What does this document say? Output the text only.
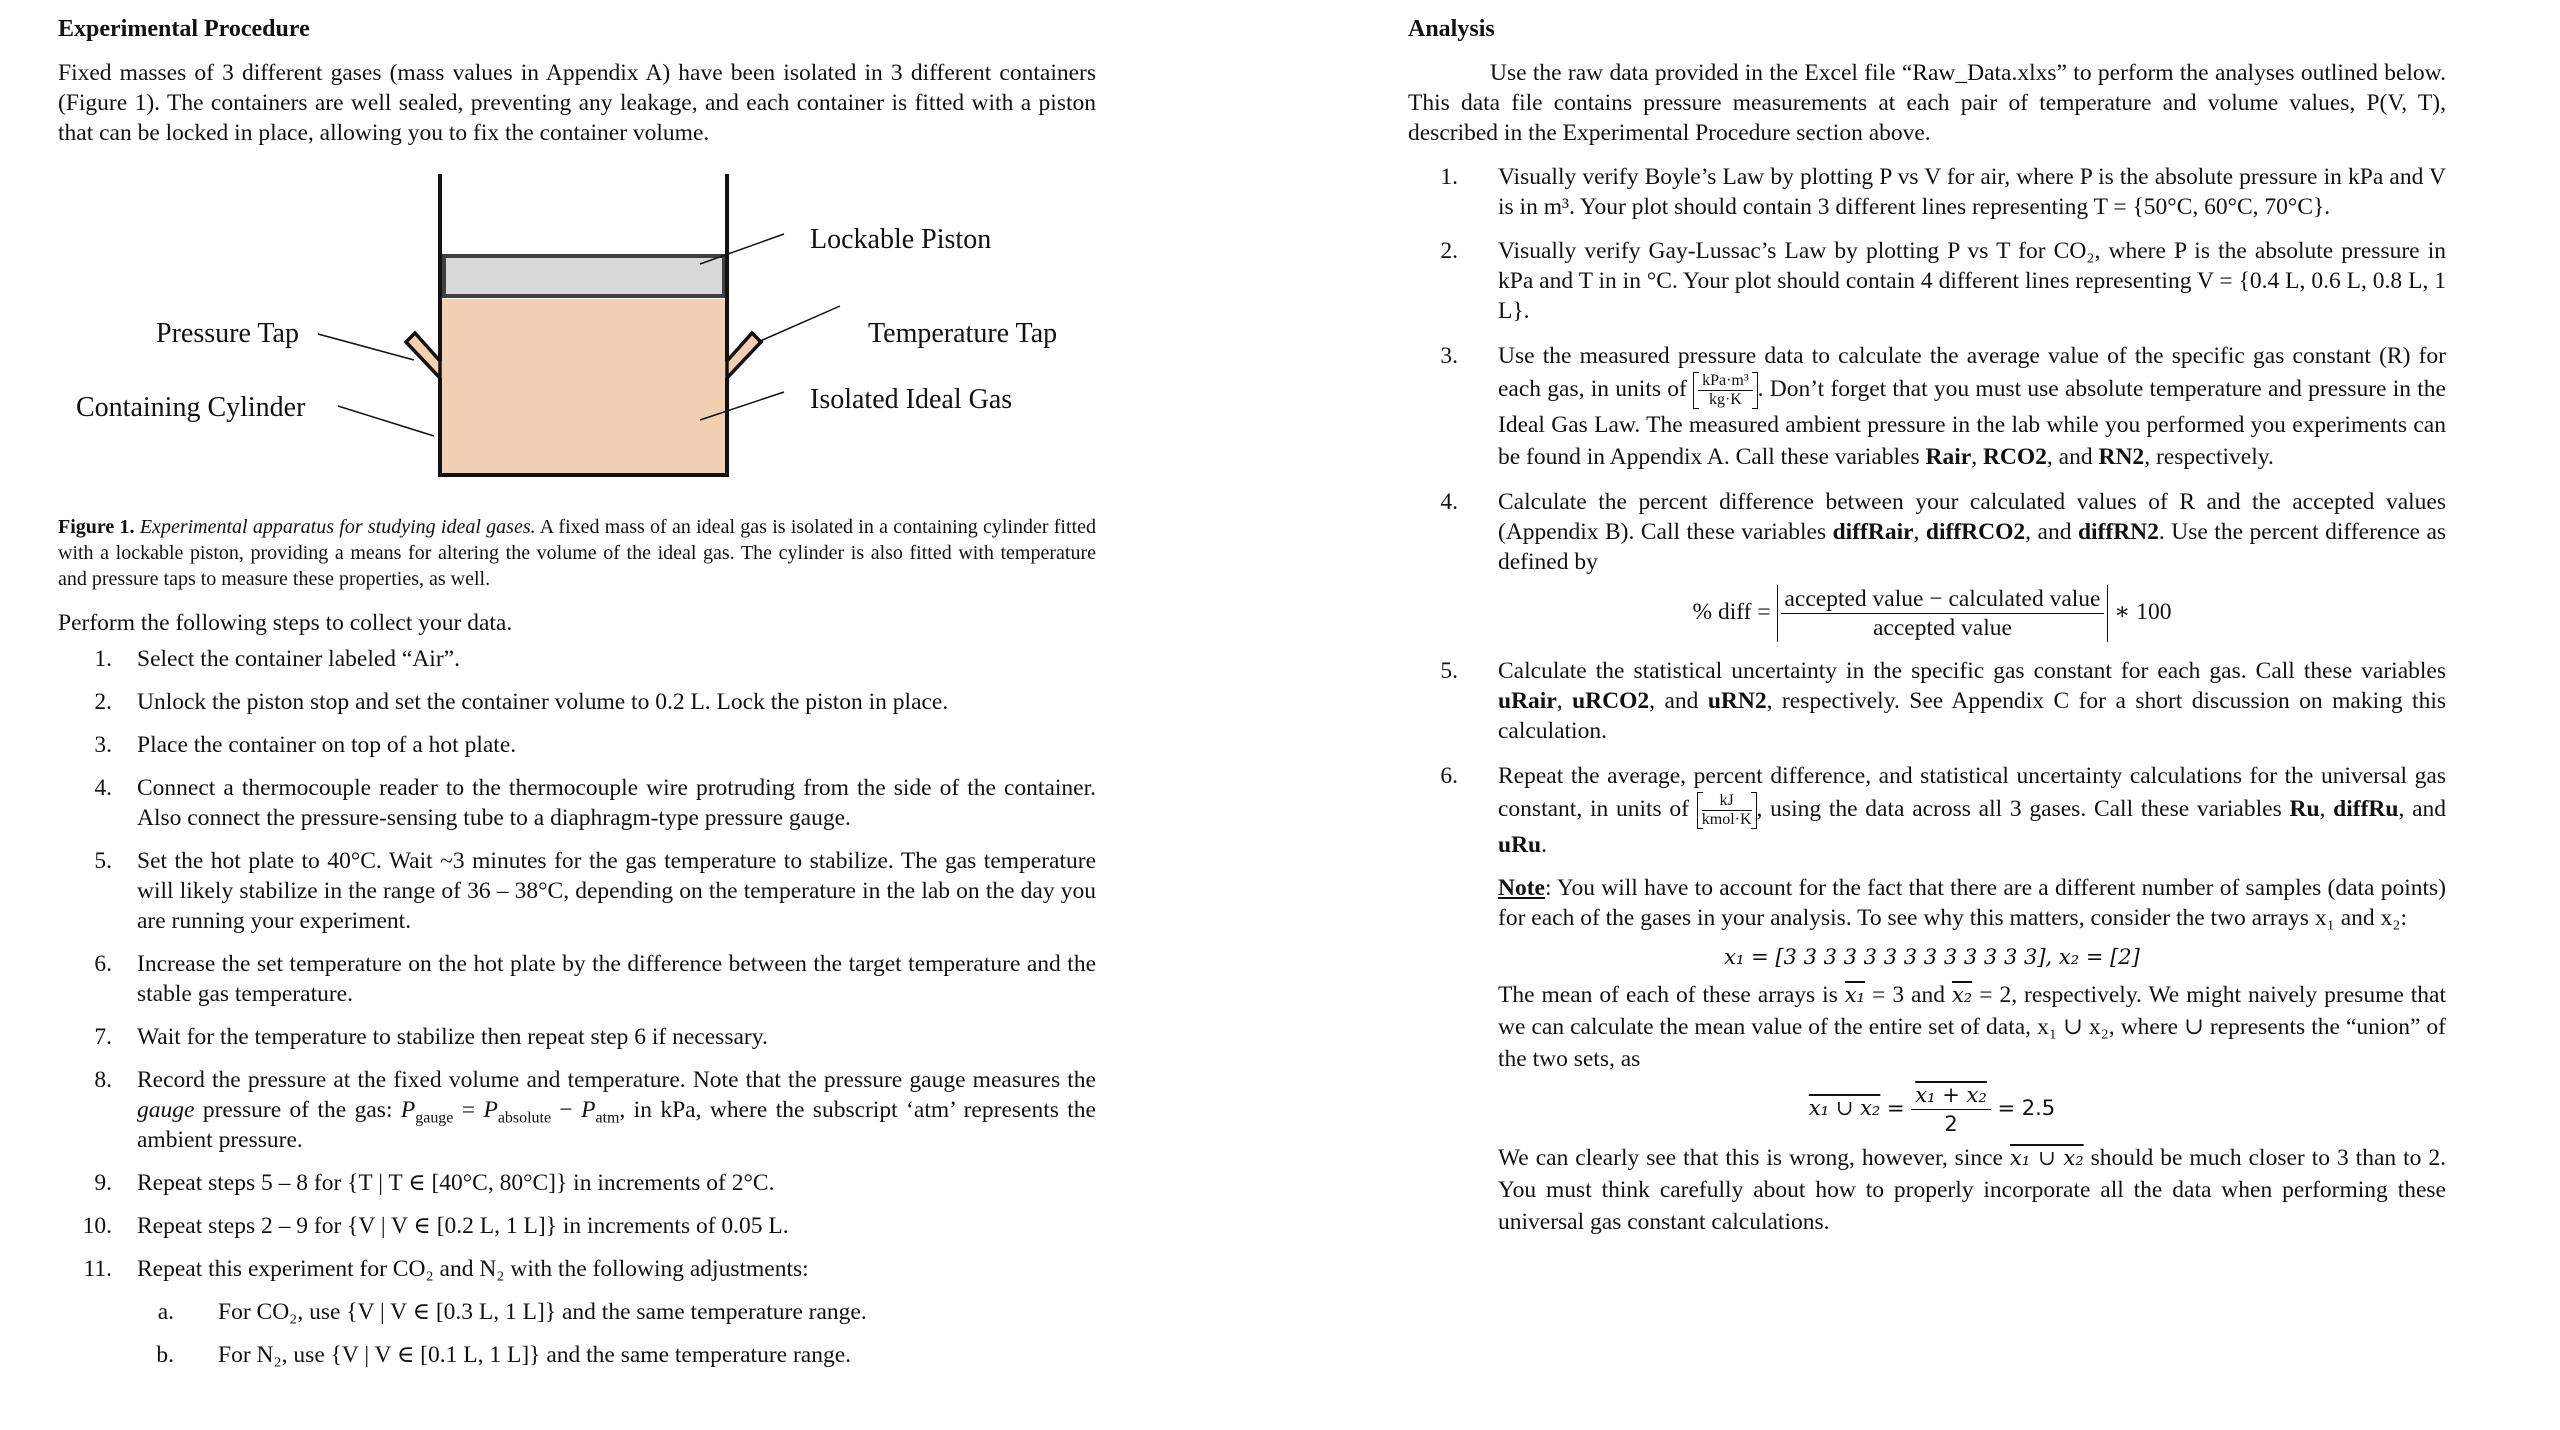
Experimental Procedure

Fixed masses of 3 different gases (mass values in Appendix A) have been isolated in 3 different containers (Figure 1). The containers are well sealed, preventing any leakage, and each container is fitted with a piston that can be locked in place, allowing you to fix the container volume.

Lockable Piston
Pressure Tap	Temperature Tap
Containing Cylinder	Isolated Ideal Gas

Figure 1. Experimental apparatus for studying ideal gases. A fixed mass of an ideal gas is isolated in a containing cylinder fitted with a lockable piston, providing a means for altering the volume of the ideal gas. The cylinder is also fitted with temperature and pressure taps to measure these properties, as well.

Perform the following steps to collect your data.

1. Select the container labeled “Air”.
2. Unlock the piston stop and set the container volume to 0.2 L. Lock the piston in place.
3. Place the container on top of a hot plate.
4. Connect a thermocouple reader to the thermocouple wire protruding from the side of the container. Also connect the pressure-sensing tube to a diaphragm-type pressure gauge.
5. Set the hot plate to 40°C. Wait ~3 minutes for the gas temperature to stabilize. The gas temperature will likely stabilize in the range of 36 – 38°C, depending on the temperature in the lab on the day you are running your experiment.
6. Increase the set temperature on the hot plate by the difference between the target temperature and the stable gas temperature.
7. Wait for the temperature to stabilize then repeat step 6 if necessary.
8. Record the pressure at the fixed volume and temperature. Note that the pressure gauge measures the gauge pressure of the gas: $P_{gauge} = P_{absolute} - P_{atm}$, in kPa, where the subscript ‘atm’ represents the ambient pressure.
9. Repeat steps 5 – 8 for {T | T ∈ [40°C, 80°C]} in increments of 2°C.
10. Repeat steps 2 – 9 for {V | V ∈ [0.2 L, 1 L]} in increments of 0.05 L.
11. Repeat this experiment for CO₂ and N₂ with the following adjustments:
a. For CO₂, use {V | V ∈ [0.3 L, 1 L]} and the same temperature range.
b. For N₂, use {V | V ∈ [0.1 L, 1 L]} and the same temperature range.
Analysis

Use the raw data provided in the Excel file “Raw_Data.xlxs” to perform the analyses outlined below. This data file contains pressure measurements at each pair of temperature and volume values, P(V, T), described in the Experimental Procedure section above.

1. Visually verify Boyle’s Law by plotting P vs V for air, where P is the absolute pressure in kPa and V is in m³. Your plot should contain 3 different lines representing T = {50°C, 60°C, 70°C}.
2. Visually verify Gay-Lussac’s Law by plotting P vs T for CO₂, where P is the absolute pressure in kPa and T in in °C. Your plot should contain 4 different lines representing V = {0.4 L, 0.6 L, 0.8 L, 1 L}.
3. Use the measured pressure data to calculate the average value of the specific gas constant (R) for each gas, in units of $\frac{\text{kPa·m³}}{kg\cdot K}$ . Don’t forget that you must use absolute temperature and pressure in the Ideal Gas Law. The measured ambient pressure in the lab while you performed you experiments can be found in Appendix A. Call these variables Rair, RCO2, and RN2, respectively.
4. Calculate the percent difference between your calculated values of R and the accepted values (Appendix B). Call these variables diffRair, diffRCO2, and diffRN2. Use the percent difference as defined by
% diff = $\frac{\text{accepted value − calculated value}}{\text{accepted value}}$ ∗ 100
5. Calculate the statistical uncertainty in the specific gas constant for each gas. Call these variables uRair, uRCO2, and uRN2, respectively. See Appendix C for a short discussion on making this calculation.
6. Repeat the average, percent difference, and statistical uncertainty calculations for the universal gas constant, in units of $\frac{kJ}{\text{kmol·K}}$ , using the data across all 3 gases. Call these variables Ru, diffRu, and uRu.

Note: You will have to account for the fact that there are a different number of samples (data points) for each of the gases in your analysis. To see why this matters, consider the two arrays x₁ and x₂:

x₁ = [3 3 3 3 3 3 3 3 3 3 3 3 3], x₂ = [2]

The mean of each of these arrays is x₁ = 3 and x₂ = 2, respectively. We might naively presume that we can calculate the mean value of the entire set of data, x₁ ∪ x₂, where ∪ represents the “union” of the two sets, as

x₁ ∪ $x_2 = \frac{\text{x₁ + x₂}}{2} = 2.5$

We can clearly see that this is wrong, however, since x₁ ∪ x₂ should be much closer to 3 than to 2. You must think carefully about how to properly incorporate all the data when performing these universal gas constant calculations.
